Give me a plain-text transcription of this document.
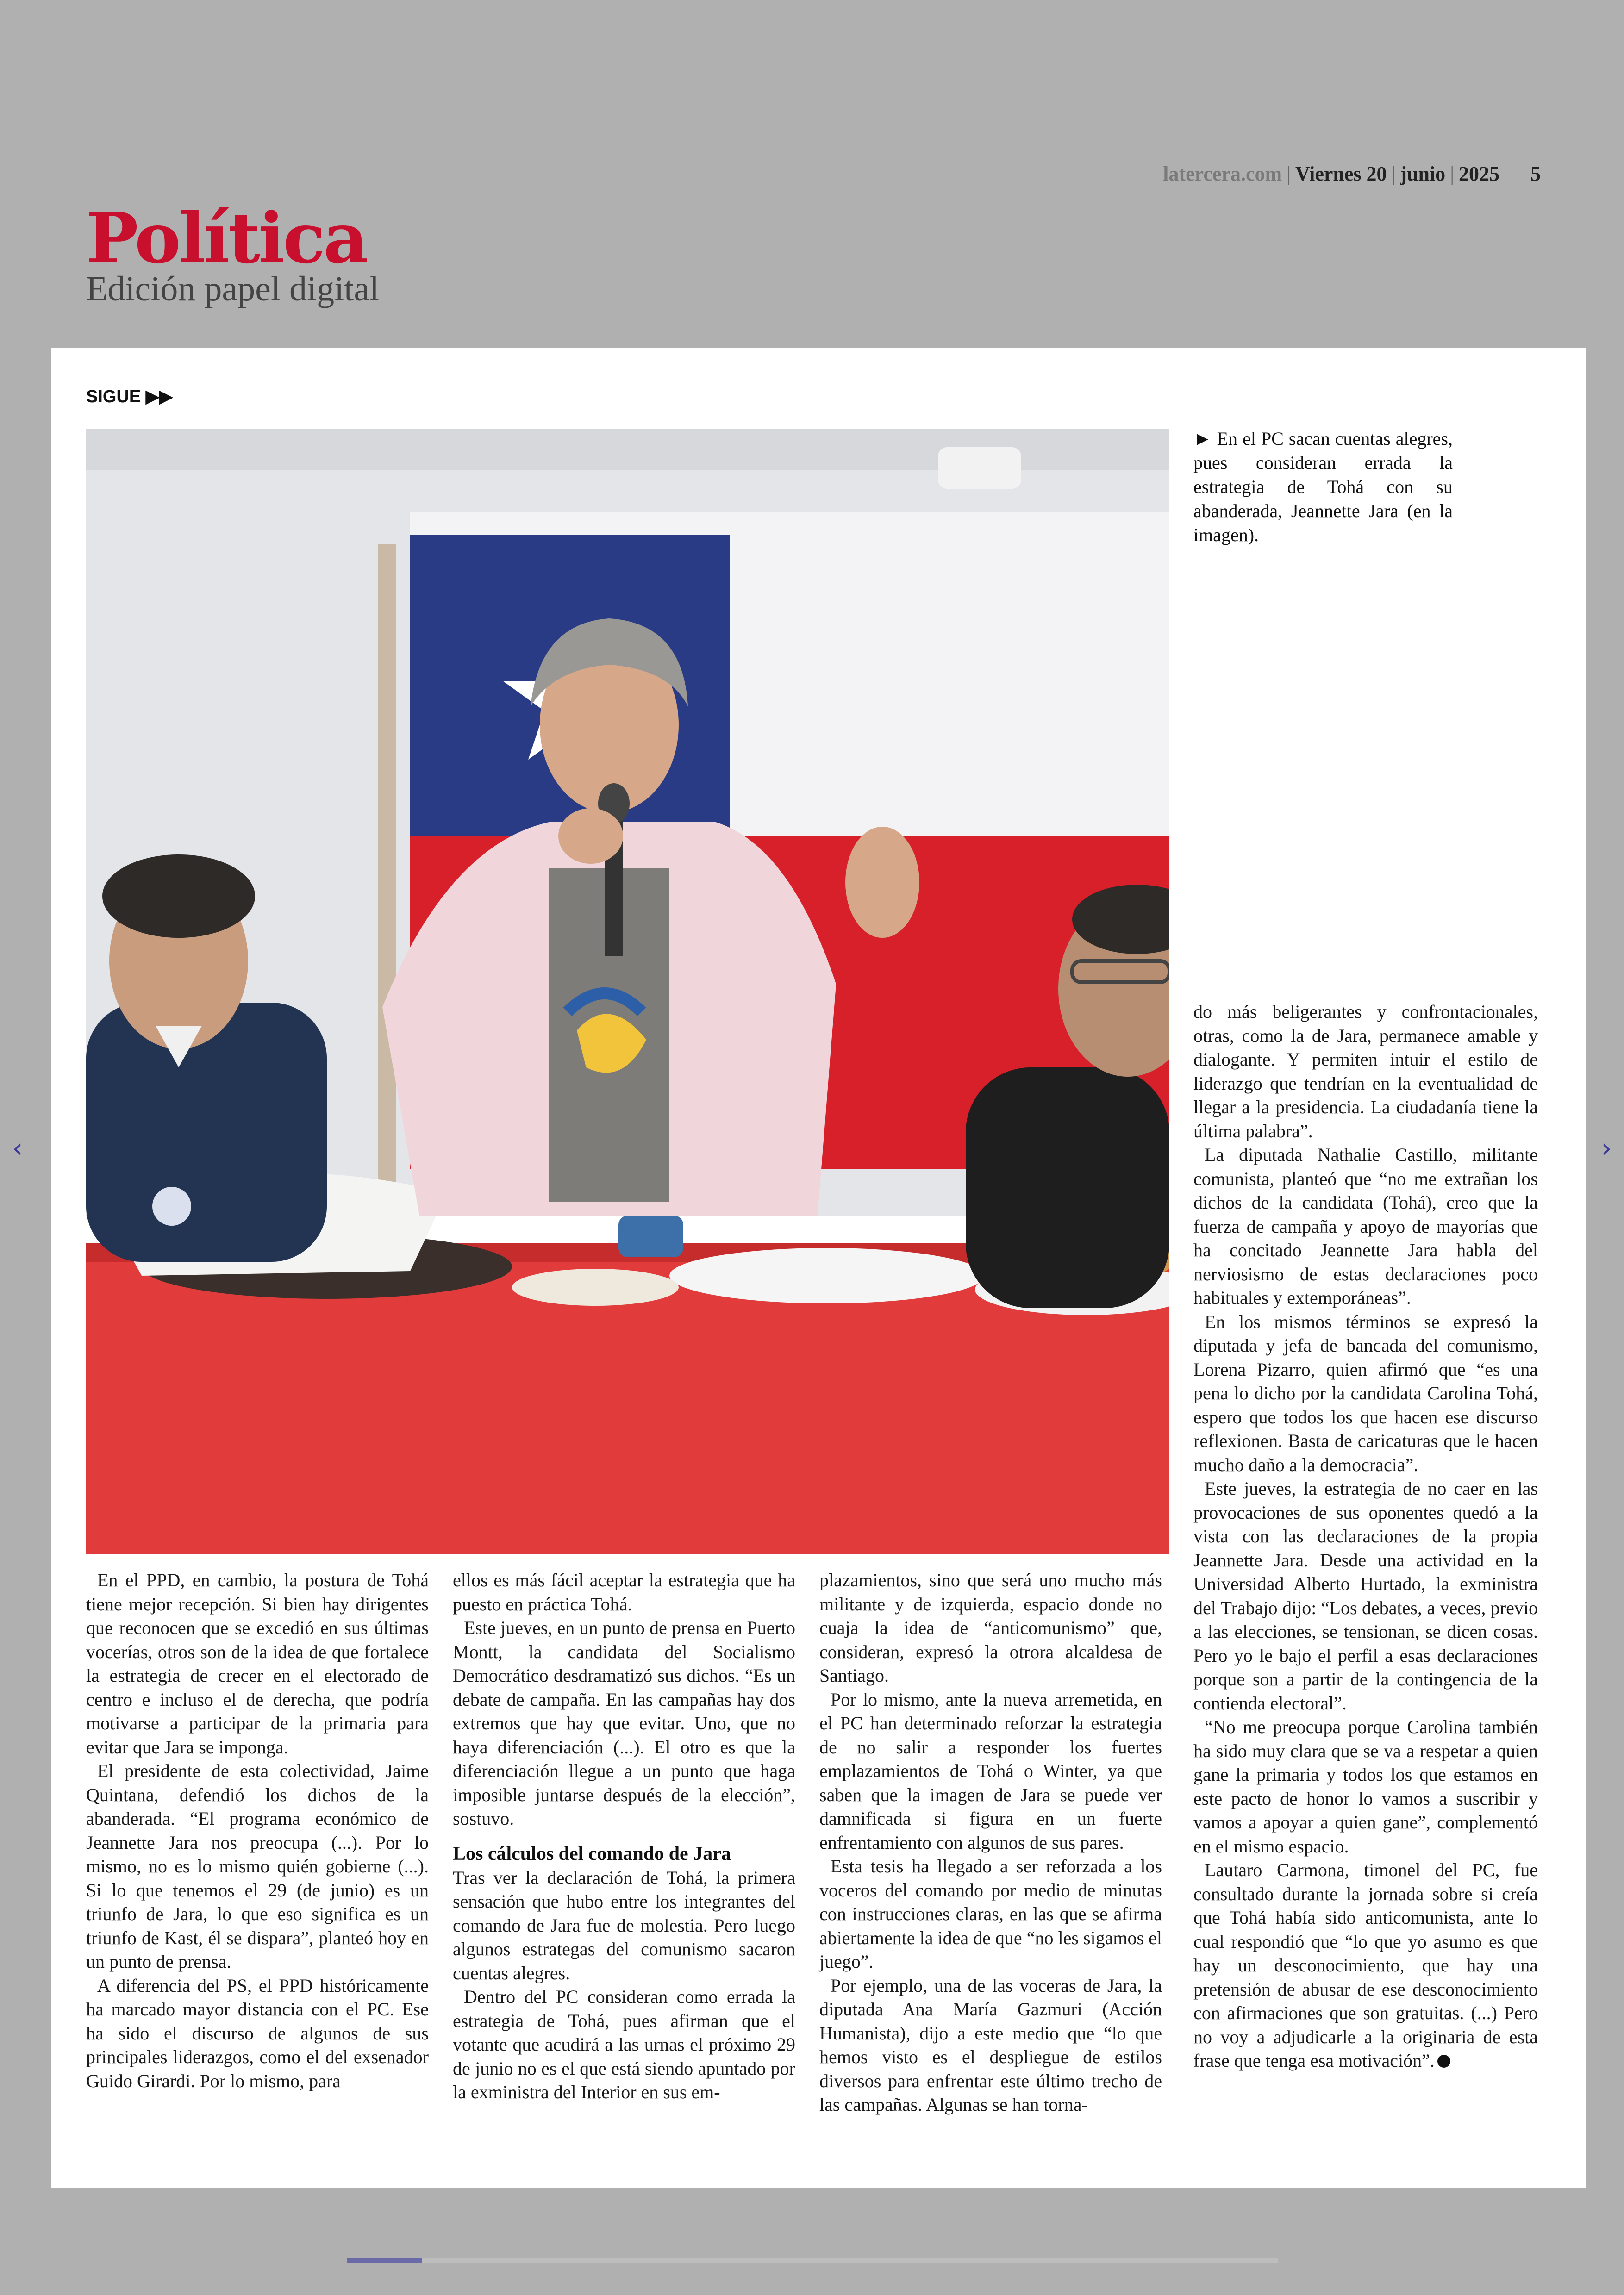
latercera.com | Viernes 20 | junio | 2025 5
Política
Edición papel digital
‹	›
SIGUE ▶▶

► En el PC sacan cuentas alegres, pues consideran errada la estrategia de Tohá con su abanderada, Jeannette Jara (en la imagen).

En el PPD, en cambio, la postura de Tohá tiene mejor recepción. Si bien hay dirigentes que reconocen que se excedió en sus últimas vocerías, otros son de la idea de que fortalece la estrategia de crecer en el electorado de centro e incluso el de derecha, que podría motivarse a participar de la primaria para evitar que Jara se imponga.

El presidente de esta colectividad, Jaime Quintana, defendió los dichos de la abanderada. “El programa económico de Jeannette Jara nos preocupa (...). Por lo mismo, no es lo mismo quién gobierne (...). Si lo que tenemos el 29 (de junio) es un triunfo de Jara, lo que eso significa es un triunfo de Kast, él se dispara”, planteó hoy en un punto de prensa.

A diferencia del PS, el PPD históricamente ha marcado mayor distancia con el PC. Ese ha sido el discurso de algunos de sus principales liderazgos, como el del exsenador Guido Girardi. Por lo mismo, para

ellos es más fácil aceptar la estrategia que ha puesto en práctica Tohá.

Este jueves, en un punto de prensa en Puerto Montt, la candidata del Socialismo Democrático desdramatizó sus dichos. “Es un debate de campaña. En las campañas hay dos extremos que hay que evitar. Uno, que no haya diferenciación (...). El otro es que la diferenciación llegue a un punto que haga imposible juntarse después de la elección”, sostuvo.

Los cálculos del comando de Jara

Tras ver la declaración de Tohá, la primera sensación que hubo entre los integrantes del comando de Jara fue de molestia. Pero luego algunos estrategas del comunismo sacaron cuentas alegres.

Dentro del PC consideran como errada la estrategia de Tohá, pues afirman que el votante que acudirá a las urnas el próximo 29 de junio no es el que está siendo apuntado por la exministra del Interior en sus em-

plazamientos, sino que será uno mucho más militante y de izquierda, espacio donde no cuaja la idea de “anticomunismo” que, consideran, expresó la otrora alcaldesa de Santiago.

Por lo mismo, ante la nueva arremetida, en el PC han determinado reforzar la estrategia de no salir a responder los fuertes emplazamientos de Tohá o Winter, ya que saben que la imagen de Jara se puede ver damnificada si figura en un fuerte enfrentamiento con algunos de sus pares.

Esta tesis ha llegado a ser reforzada a los voceros del comando por medio de minutas con instrucciones claras, en las que se afirma abiertamente la idea de que “no les sigamos el juego”.

Por ejemplo, una de las voceras de Jara, la diputada Ana María Gazmuri (Acción Humanista), dijo a este medio que “lo que hemos visto es el despliegue de estilos diversos para enfrentar este último trecho de las campañas. Algunas se han torna-

do más beligerantes y confrontacionales, otras, como la de Jara, permanece amable y dialogante. Y permiten intuir el estilo de liderazgo que tendrían en la eventualidad de llegar a la presidencia. La ciudadanía tiene la última palabra”.

La diputada Nathalie Castillo, militante comunista, planteó que “no me extrañan los dichos de la candidata (Tohá), creo que la fuerza de campaña y apoyo de mayorías que ha concitado Jeannette Jara habla del nerviosismo de estas declaraciones poco habituales y extemporáneas”.

En los mismos términos se expresó la diputada y jefa de bancada del comunismo, Lorena Pizarro, quien afirmó que “es una pena lo dicho por la candidata Carolina Tohá, espero que todos los que hacen ese discurso reflexionen. Basta de caricaturas que le hacen mucho daño a la democracia”.

Este jueves, la estrategia de no caer en las provocaciones de sus oponentes quedó a la vista con las declaraciones de la propia Jeannette Jara. Desde una actividad en la Universidad Alberto Hurtado, la exministra del Trabajo dijo: “Los debates, a veces, previo a las elecciones, se tensionan, se dicen cosas. Pero yo le bajo el perfil a esas declaraciones porque son a partir de la contingencia de la contienda electoral”.

“No me preocupa porque Carolina también ha sido muy clara que se va a respetar a quien gane la primaria y todos los que estamos en este pacto de honor lo vamos a suscribir y vamos a apoyar a quien gane”, complementó en el mismo espacio.

Lautaro Carmona, timonel del PC, fue consultado durante la jornada sobre si creía que Tohá había sido anticomunista, ante lo cual respondió que “lo que yo asumo es que hay un desconocimiento, que hay una pretensión de abusar de ese desconocimiento con afirmaciones que son gratuitas. (...) Pero no voy a adjudicarle a la originaria de esta frase que tenga esa motivación”.
